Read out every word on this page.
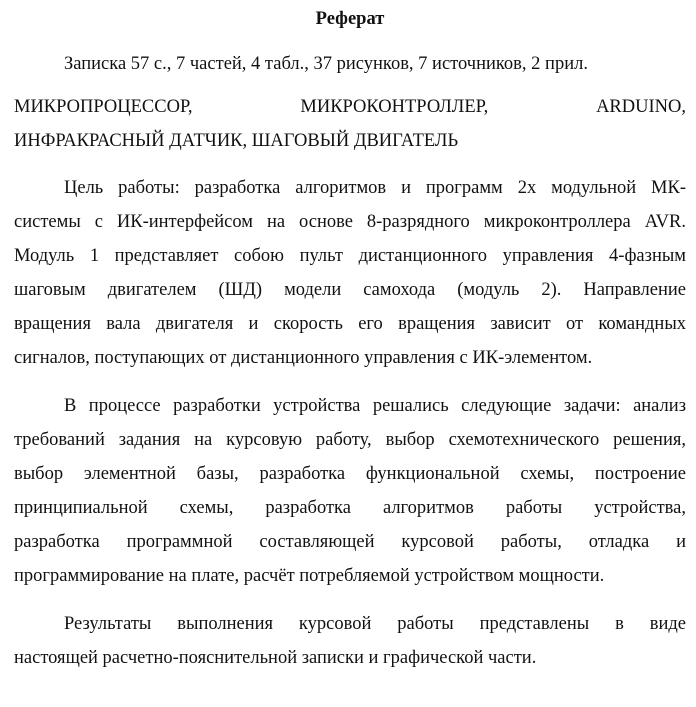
Реферат
Записка 57 с., 7 частей, 4 табл., 37 рисунков, 7 источников, 2 прил.
МИКРОПРОЦЕССОР, МИКРОКОНТРОЛЛЕР, ARDUINO,
ИНФРАКРАСНЫЙ ДАТЧИК, ШАГОВЫЙ ДВИГАТЕЛЬ
Цель работы: разработка алгоритмов и программ 2х модульной МК-
системы с ИК-интерфейсом на основе 8-разрядного микроконтроллера AVR.
Модуль 1 представляет собою пульт дистанционного управления 4-фазным
шаговым двигателем (ШД) модели самохода (модуль 2). Направление
вращения вала двигателя и скорость его вращения зависит от командных
сигналов, поступающих от дистанционного управления с ИК-элементом.
В процессе разработки устройства решались следующие задачи: анализ
требований задания на курсовую работу, выбор схемотехнического решения,
выбор элементной базы, разработка функциональной схемы, построение
принципиальной схемы, разработка алгоритмов работы устройства,
разработка программной составляющей курсовой работы, отладка и
программирование на плате, расчёт потребляемой устройством мощности.
Результаты выполнения курсовой работы представлены в виде
настоящей расчетно-пояснительной записки и графической части.
